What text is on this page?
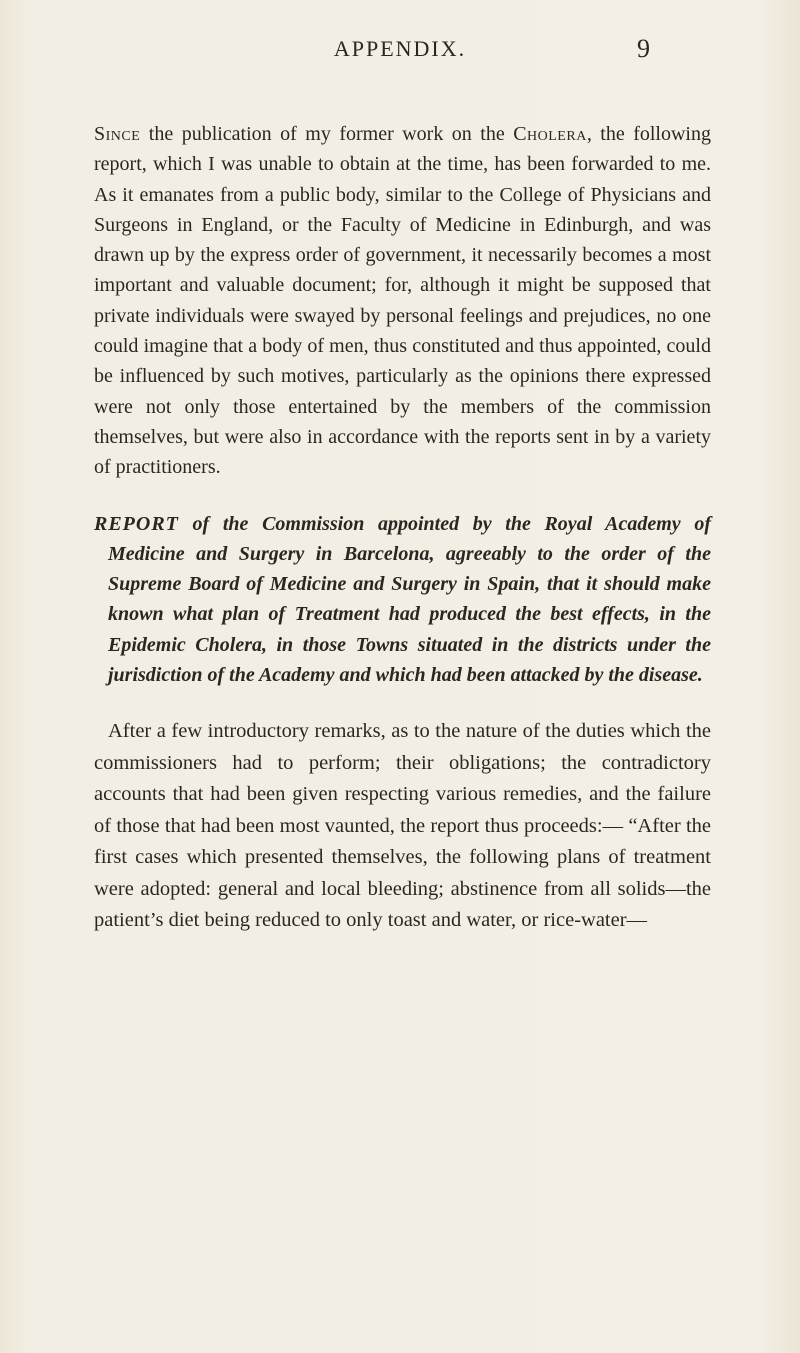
APPENDIX.	9

Since the publication of my former work on the Cholera, the following report, which I was unable to obtain at the time, has been forwarded to me. As it emanates from a public body, similar to the College of Physicians and Surgeons in England, or the Faculty of Medicine in Edinburgh, and was drawn up by the express order of government, it necessarily becomes a most important and valuable document; for, although it might be supposed that private individuals were swayed by personal feelings and prejudices, no one could imagine that a body of men, thus constituted and thus appointed, could be influenced by such motives, particularly as the opinions there expressed were not only those entertained by the members of the commission themselves, but were also in accordance with the reports sent in by a variety of practitioners.

REPORT of the Commission appointed by the Royal Academy of Medicine and Surgery in Barcelona, agreeably to the order of the Supreme Board of Medicine and Surgery in Spain, that it should make known what plan of Treatment had produced the best effects, in the Epidemic Cholera, in those Towns situated in the districts under the jurisdiction of the Academy and which had been attacked by the disease.

After a few introductory remarks, as to the nature of the duties which the commissioners had to perform; their obligations; the contradictory accounts that had been given respecting various remedies, and the failure of those that had been most vaunted, the report thus proceeds:— “After the first cases which presented themselves, the following plans of treatment were adopted: general and local bleeding; abstinence from all solids—the patient’s diet being reduced to only toast and water, or rice-water—
